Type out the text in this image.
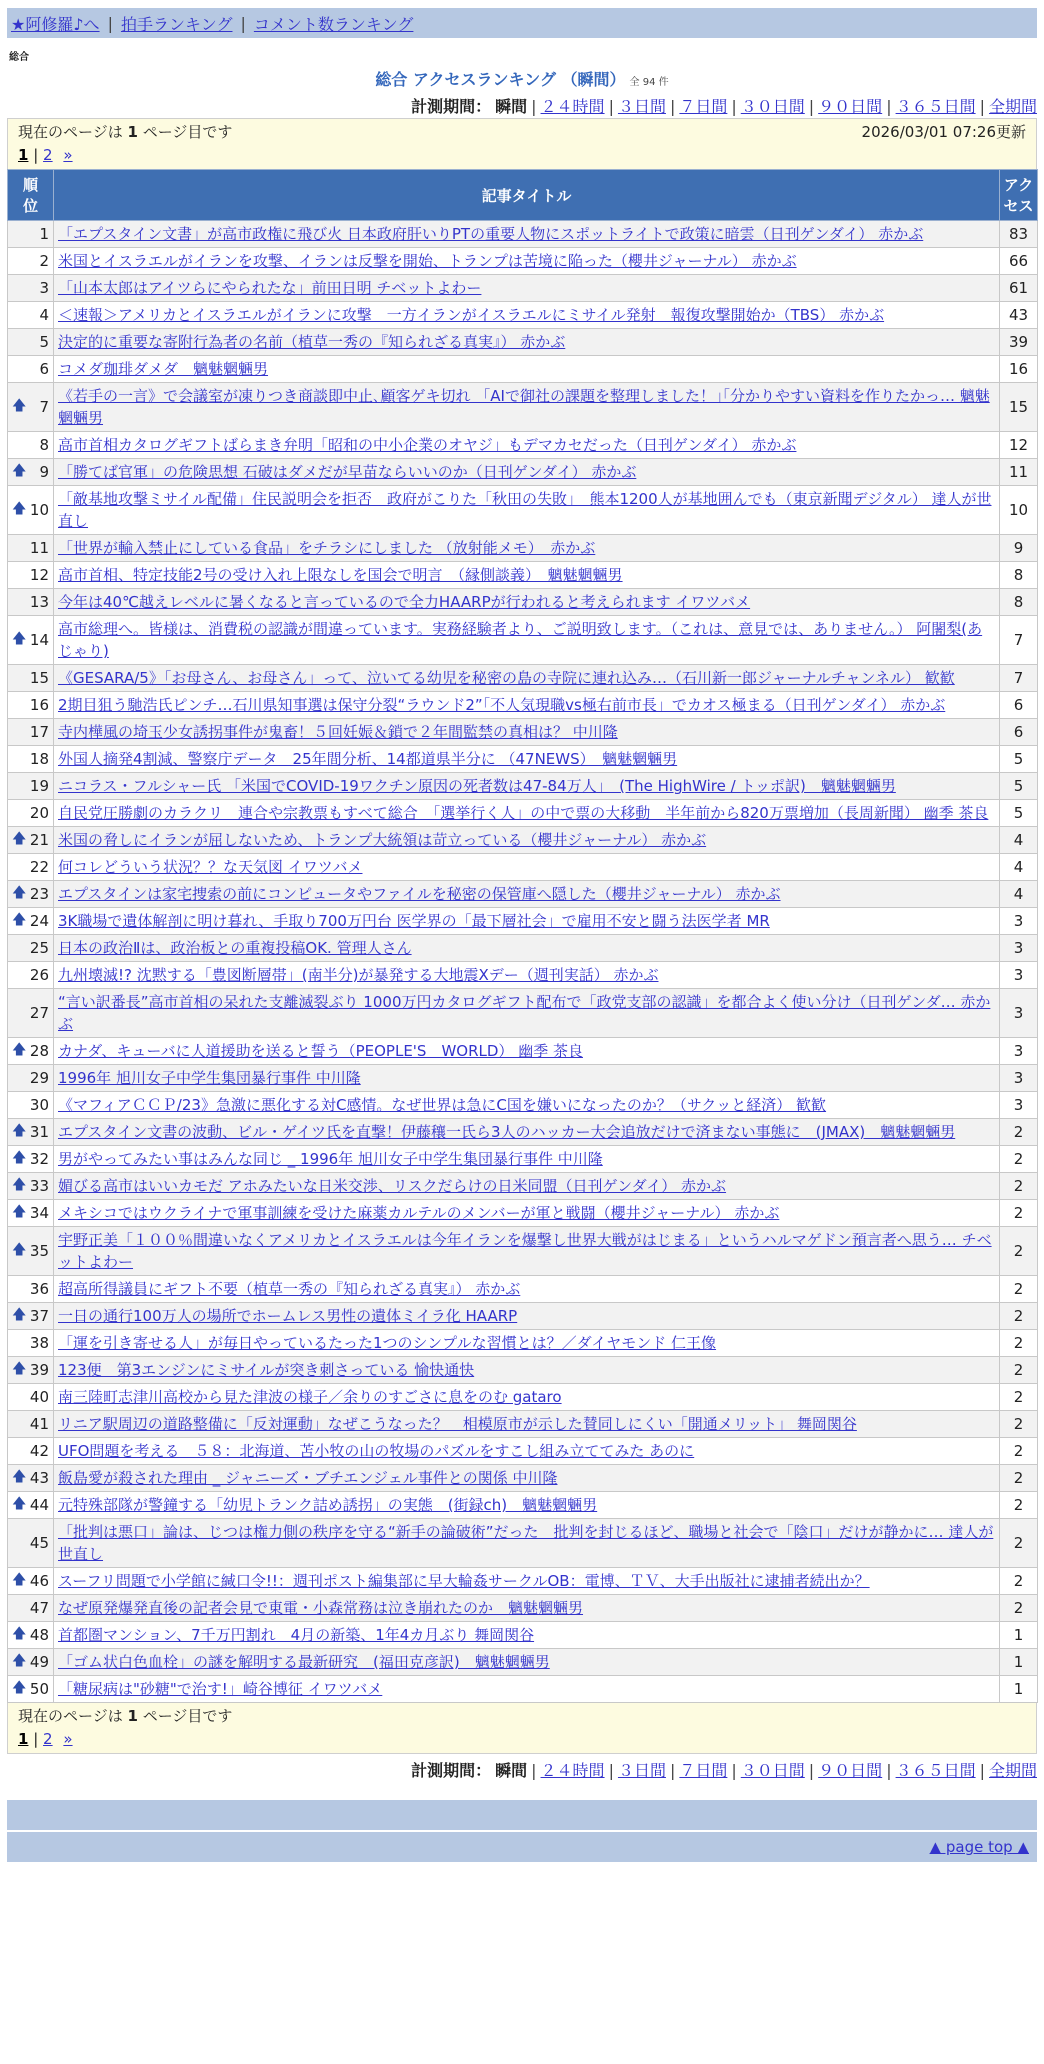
★阿修羅♪へ | 拍手ランキング | コメント数ランキング
総合
総合 アクセスランキング （瞬間） 全 94 件
計測期間： 瞬間 | ２４時間 | ３日間 | ７日間 | ３０日間 | ９０日間 | ３６５日間 | 全期間
現在のページは 1 ページ目です	2026/03/01 07:26更新
1 | 2 »
順
位	記事タイトル	アク
セス
1	「エプスタイン文書」が高市政権に飛び火 日本政府肝いりPTの重要人物にスポットライトで政策に暗雲（日刊ゲンダイ） 赤かぶ	83
2	米国とイスラエルがイランを攻撃、イランは反撃を開始、トランプは苦境に陥った（櫻井ジャーナル） 赤かぶ	66
3	「山本太郎はアイツらにやられたな」前田日明 チベットよわー	61
4	＜速報＞アメリカとイスラエルがイランに攻撃　一方イランがイスラエルにミサイル発射　報復攻撃開始か（TBS） 赤かぶ	43
5	決定的に重要な寄附行為者の名前（植草一秀の『知られざる真実』） 赤かぶ	39
6	コメダ珈琲ダメダ　魑魅魍魎男	16

🡅 7	《若手の一言》で会議室が凍りつき商談即中止､顧客ゲキ切れ 「AIで御社の課題を整理しました！｣｢分かりやすい資料を作りたかっ… 魑魅魍魎男	15
8	高市首相カタログギフトばらまき弁明「昭和の中小企業のオヤジ」もデマカセだった（日刊ゲンダイ） 赤かぶ	12

🡅 9	「勝てば官軍」の危険思想 石破はダメだが早苗ならいいのか（日刊ゲンダイ） 赤かぶ	11

🡅 10	「敵基地攻撃ミサイル配備」住民説明会を拒否　政府がこりた「秋田の失敗」　熊本1200人が基地囲んでも（東京新聞デジタル） 達人が世直し	10
11	「世界が輸入禁止にしている食品」をチラシにしました （放射能メモ）　赤かぶ	9
12	高市首相、特定技能2号の受け入れ上限なしを国会で明言　（縁側談義）　魑魅魍魎男	8
13	今年は40℃越えレベルに暑くなると言っているので全力HAARPが行われると考えられます イワツバメ	8

🡅 14	高市総理へ。皆様は、消費税の認識が間違っています。実務経験者より、ご説明致します。（これは、意見では、ありません。） 阿闍梨(あじゃり)	7
15	《GESARA/5》「お母さん、お母さん」って、泣いてる幼児を秘密の島の寺院に連れ込み…（石川新一郎ジャーナルチャンネル） 歓歓	7
16	2期目狙う馳浩氏ピンチ…石川県知事選は保守分裂“ラウンド2”「不人気現職vs極右前市長」でカオス極まる（日刊ゲンダイ） 赤かぶ	6
17	寺内樺風の埼玉少女誘拐事件が鬼畜！５回妊娠＆鎖で２年間監禁の真相は？ 中川隆	6
18	外国人摘発4割減、警察庁データ　25年間分析、14都道県半分に （47NEWS）　魑魅魍魎男	5
19	ニコラス・フルシャー氏 「米国でCOVID-19ワクチン原因の死者数は47-84万人」　(The HighWire / トッポ訳)　魑魅魍魎男	5
20	自民党圧勝劇のカラクリ　連合や宗教票もすべて総合　「選挙行く人」の中で票の大移動　半年前から820万票増加（長周新聞） 幽季 茶良	5

🡅 21	米国の脅しにイランが屈しないため、トランプ大統領は苛立っている（櫻井ジャーナル） 赤かぶ	4
22	何コレどういう状況？？な天気図 イワツバメ	4

🡅 23	エプスタインは家宅捜索の前にコンピュータやファイルを秘密の保管庫へ隠した（櫻井ジャーナル） 赤かぶ	4

🡅 24	3K職場で遺体解剖に明け暮れ、手取り700万円台 医学界の「最下層社会」で雇用不安と闘う法医学者 MR	3
25	日本の政治Ⅱは、政治板との重複投稿OK. 管理人さん	3
26	九州壊滅!? 沈黙する「豊図断層帯」(南半分)が暴発する大地震Xデー（週刊実話） 赤かぶ	3
27	“言い訳番長”高市首相の呆れた支離滅裂ぶり 1000万円カタログギフト配布で「政党支部の認識」を都合よく使い分け（日刊ゲンダ… 赤かぶ	3

🡅 28	カナダ、キューバに人道援助を送ると誓う（PEOPLE'S　WORLD） 幽季 茶良	3
29	1996年 旭川女子中学生集団暴行事件 中川隆	3
30	《マフィアＣＣＰ/23》急激に悪化する対C感情。なぜ世界は急にC国を嫌いになったのか？（サクッと経済） 歓歓	3

🡅 31	エプスタイン文書の波動、ビル・ゲイツ氏を直撃！伊藤穰一氏ら3人のハッカー大会追放だけで済まない事態に　(JMAX)　魑魅魍魎男	2

🡅 32	男がやってみたい事はみんな同じ _ 1996年 旭川女子中学生集団暴行事件 中川隆	2

🡅 33	媚びる高市はいいカモだ アホみたいな日米交渉、リスクだらけの日米同盟（日刊ゲンダイ） 赤かぶ	2

🡅 34	メキシコではウクライナで軍事訓練を受けた麻薬カルテルのメンバーが軍と戦闘（櫻井ジャーナル） 赤かぶ	2

🡅 35	宇野正美「１００％間違いなくアメリカとイスラエルは今年イランを爆撃し世界大戦がはじまる」というハルマゲドン預言者へ思う… チベットよわー	2
36	超高所得議員にギフト不要（植草一秀の『知られざる真実』） 赤かぶ	2

🡅 37	一日の通行100万人の場所でホームレス男性の遺体ミイラ化 HAARP	2
38	「運を引き寄せる人」が毎日やっているたった1つのシンプルな習慣とは？／ダイヤモンド 仁王像	2

🡅 39	123便　第3エンジンにミサイルが突き刺さっている 愉快通快	2
40	南三陸町志津川高校から見た津波の様子／余りのすごさに息をのむ gataro	2
41	リニア駅周辺の道路整備に「反対運動」なぜこうなった？　相模原市が示した賛同しにくい「開通メリット」 舞岡関谷	2
42	UFO問題を考える　５８：北海道、苫小牧の山の牧場のパズルをすこし組み立ててみた あのに	2

🡅 43	飯島愛が殺された理由 _ ジャニーズ・ブチエンジェル事件との関係 中川隆	2

🡅 44	元特殊部隊が警鐘する「幼児トランク詰め誘拐」の実態　(街録ch)　魑魅魍魎男	2
45	「批判は悪口」論は、じつは権力側の秩序を守る“新手の論破術”だった　批判を封じるほど、職場と社会で「陰口」だけが静かに… 達人が世直し	2

🡅 46	スーフリ問題で小学館に緘口令!!：週刊ポスト編集部に早大輪姦サークルOB：電博、ＴＶ、大手出版社に逮捕者続出か？	2
47	なぜ原発爆発直後の記者会見で東電・小森常務は泣き崩れたのか　魑魅魍魎男	2

🡅 48	首都圏マンション、7千万円割れ　4月の新築、1年4カ月ぶり 舞岡関谷	1

🡅 49	「ゴム状白色血栓」の謎を解明する最新研究　(福田克彦訳)　魑魅魍魎男	1

🡅 50	「糖尿病は"砂糖"で治す!」崎谷博征 イワツバメ	1
現在のページは 1 ページ目です
1 | 2 »
計測期間： 瞬間 | ２４時間 | ３日間 | ７日間 | ３０日間 | ９０日間 | ３６５日間 | 全期間
▲ page top ▲
